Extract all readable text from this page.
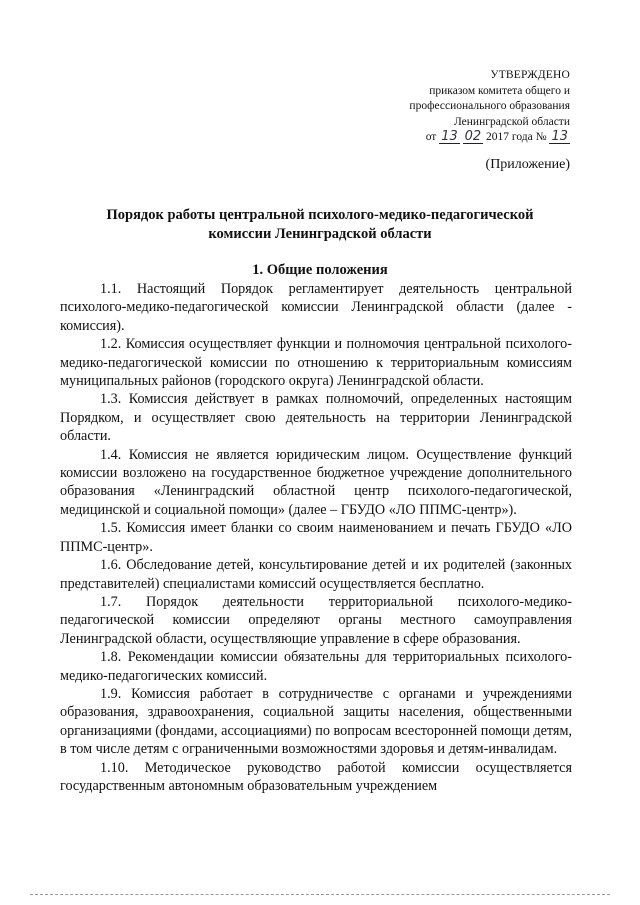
УТВЕРЖДЕНО
приказом комитета общего и
профессионального образования
Ленинградской области
от 13 02 2017 года № 13
(Приложение)
Порядок работы центральной психолого-медико-педагогической
комиссии Ленинградской области
1. Общие положения

1.1. Настоящий Порядок регламентирует деятельность центральной психолого-медико-педагогической комиссии Ленинградской области (далее - комиссия).

1.2. Комиссия осуществляет функции и полномочия центральной психолого-медико-педагогической комиссии по отношению к территориальным комиссиям муниципальных районов (городского округа) Ленинградской области.

1.3. Комиссия действует в рамках полномочий, определенных настоящим Порядком, и осуществляет свою деятельность на территории Ленинградской области.

1.4. Комиссия не является юридическим лицом. Осуществление функций комиссии возложено на государственное бюджетное учреждение дополнительного образования «Ленинградский областной центр психолого-педагогической, медицинской и социальной помощи» (далее – ГБУДО «ЛО ППМС-центр»).

1.5. Комиссия имеет бланки со своим наименованием и печать ГБУДО «ЛО ППМС-центр».

1.6. Обследование детей, консультирование детей и их родителей (законных представителей) специалистами комиссий осуществляется бесплатно.

1.7. Порядок деятельности территориальной психолого-медико-педагогической комиссии определяют органы местного самоуправления Ленинградской области, осуществляющие управление в сфере образования.

1.8. Рекомендации комиссии обязательны для территориальных психолого-медико-педагогических комиссий.

1.9. Комиссия работает в сотрудничестве с органами и учреждениями образования, здравоохранения, социальной защиты населения, общественными организациями (фондами, ассоциациями) по вопросам всесторонней помощи детям, в том числе детям с ограниченными возможностями здоровья и детям-инвалидам.

1.10. Методическое руководство работой комиссии осуществляется государственным автономным образовательным учреждением
